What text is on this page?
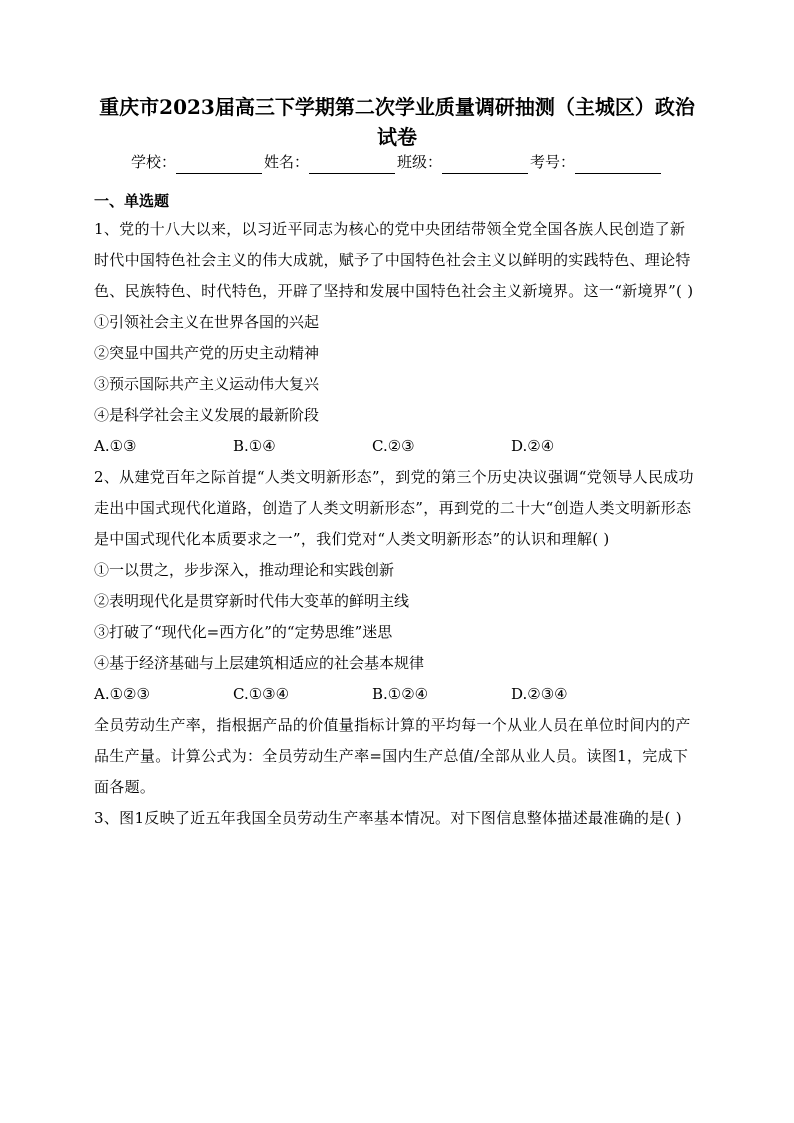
重庆市2023届高三下学期第二次学业质量调研抽测（主城区）政治
试卷
学校：	姓名：	班级：	考号：
一、单选题
1、党的十八大以来，以习近平同志为核心的党中央团结带领全党全国各族人民创造了新时代中国特色社会主义的伟大成就，赋予了中国特色社会主义以鲜明的实践特色、理论特色、民族特色、时代特色，开辟了坚持和发展中国特色社会主义新境界。这一“新境界”( )
①引领社会主义在世界各国的兴起
②突显中国共产党的历史主动精神
③预示国际共产主义运动伟大复兴
④是科学社会主义发展的最新阶段
A.①③	B.①④	C.②③	D.②④
2、从建党百年之际首提“人类文明新形态”，到党的第三个历史决议强调“党领导人民成功走出中国式现代化道路，创造了人类文明新形态”，再到党的二十大“创造人类文明新形态是中国式现代化本质要求之一”，我们党对“人类文明新形态”的认识和理解( )
①一以贯之，步步深入，推动理论和实践创新
②表明现代化是贯穿新时代伟大变革的鲜明主线
③打破了“现代化=西方化”的“定势思维”迷思
④基于经济基础与上层建筑相适应的社会基本规律
A.①②③	C.①③④	B.①②④	D.②③④
全员劳动生产率，指根据产品的价值量指标计算的平均每一个从业人员在单位时间内的产品生产量。计算公式为：全员劳动生产率=国内生产总值/全部从业人员。读图1，完成下面各题。
3、图1反映了近五年我国全员劳动生产率基本情况。对下图信息整体描述最准确的是( )
